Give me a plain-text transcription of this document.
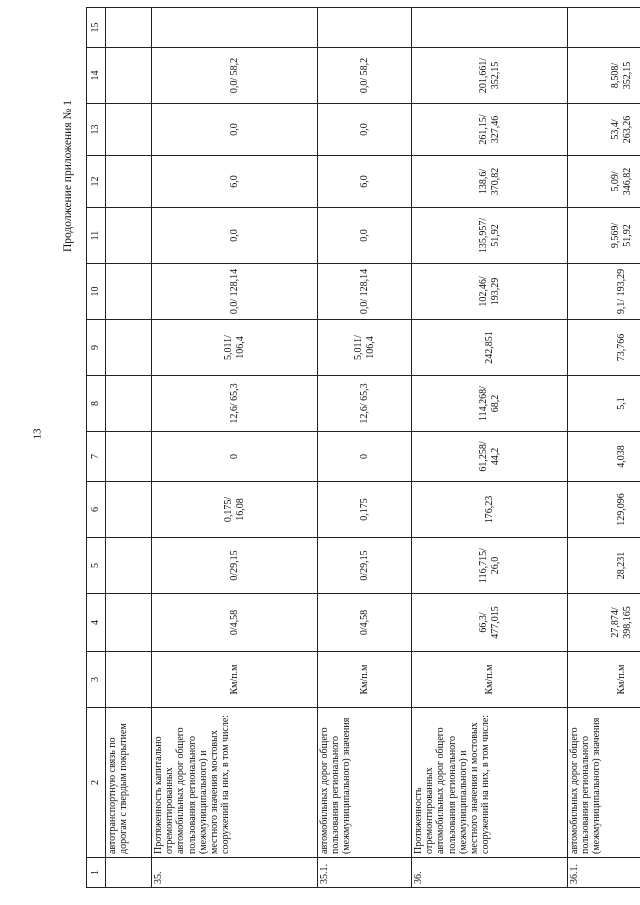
13
Продолжение приложения № 1
1	2	3	4	5	6	7	8	9	10	11	12	13	14	15
	автотранспортную связь по дорогам с твердым покрытием													
35.	Протяженность капитально отремонтированных автомобильных дорог общего пользования регионального (межмуниципального) и местного значения мостовых сооружений на них, в том числе:	Км/п.м	0/4,58	0/29,15	0,175/ 16,08	0	12,6/ 65,3	5,011/ 106,4	0,0/ 128,14	0,0	6,0	0,0	0,0/ 58,2	
35.1.	автомобильных дорог общего пользования регионального (межмуниципального) значения	Км/п.м	0/4,58	0/29,15	0,175	0	12,6/ 65,3	5,011/ 106,4	0,0/ 128,14	0,0	6,0	0,0	0,0/ 58,2	
36.	Протяженность отремонтированных автомобильных дорог общего пользования регионального (межмуниципального) и местного значения и мостовых сооружений на них, в том числе:	Км/п.м	66,3/ 477,015	116,715/ 26,0	176,23	61,258/ 44,2	114,268/ 68,2	242,851	102,46/ 193,29	135,957/ 51,92	138,6/ 370,82	261,15/ 327,46	201,661/ 352,15	
36.1.	автомобильных дорог общего пользования регионального (межмуниципального) значения	Км/п.м	27,874/ 398,165	28,231	129,096	4,038	5,1	73,766	9,1/ 193,29	9,569/ 51,92	5,09/ 346,82	53,4/ 263,26	8,508/ 352,15	
